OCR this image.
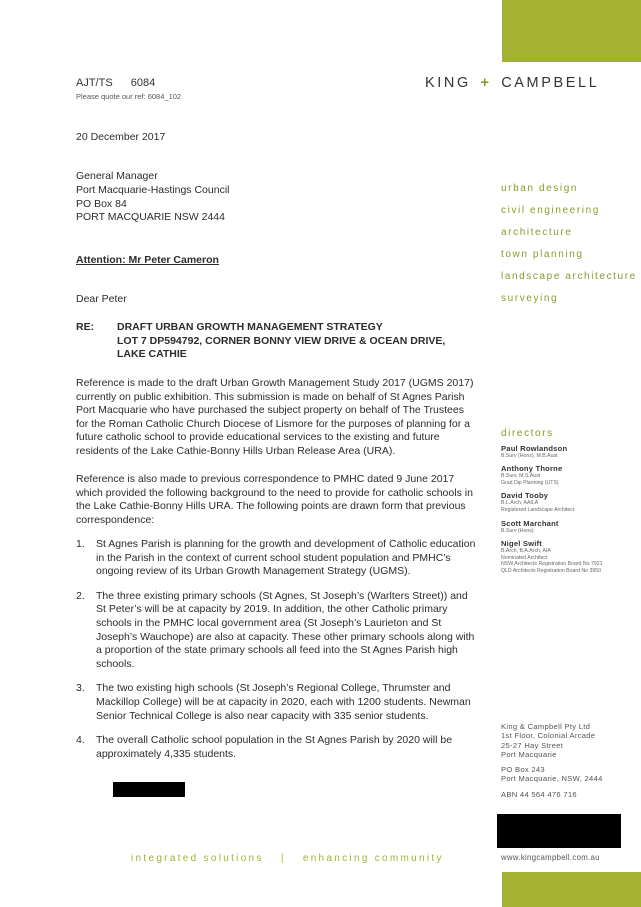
AJT/TS 6084
Please quote our ref: 6084_102
KING + CAMPBELL
20 December 2017
General Manager
Port Macquarie-Hastings Council
PO Box 84
PORT MACQUARIE NSW 2444
Attention: Mr Peter Cameron
Dear Peter
RE: DRAFT URBAN GROWTH MANAGEMENT STRATEGY
LOT 7 DP594792, CORNER BONNY VIEW DRIVE & OCEAN DRIVE, LAKE CATHIE
Reference is made to the draft Urban Growth Management Study 2017 (UGMS 2017) currently on public exhibition. This submission is made on behalf of St Agnes Parish Port Macquarie who have purchased the subject property on behalf of The Trustees for the Roman Catholic Church Diocese of Lismore for the purposes of planning for a future catholic school to provide educational services to the existing and future residents of the Lake Cathie-Bonny Hills Urban Release Area (URA).
Reference is also made to previous correspondence to PMHC dated 9 June 2017 which provided the following background to the need to provide for catholic schools in the Lake Cathie-Bonny Hills URA. The following points are drawn form that previous correspondence:
1. St Agnes Parish is planning for the growth and development of Catholic education in the Parish in the context of current school student population and PMHC’s ongoing review of its Urban Growth Management Strategy (UGMS).
2. The three existing primary schools (St Agnes, St Joseph’s (Warlters Street)) and St Peter’s will be at capacity by 2019. In addition, the other Catholic primary schools in the PMHC local government area (St Joseph’s Laurieton and St Joseph’s Wauchope) are also at capacity. These other primary schools along with a proportion of the state primary schools all feed into the St Agnes Parish high schools.
3. The two existing high schools (St Joseph’s Regional College, Thrumster and Mackillop College) will be at capacity in 2020, each with 1200 students. Newman Senior Technical College is also near capacity with 335 senior students.
4. The overall Catholic school population in the St Agnes Parish by 2020 will be approximately 4,335 students.
urban design
civil engineering
architecture
town planning
landscape architecture
surveying
directors
Paul Rowlandson
B.Surv (Hons), M.B.Aust
Anthony Thorne
B.Surv, M.S.Aust
Grad Dip Planning (UTS)
David Tooby
B.L.Arch, AAILA
Registered Landscape Architect
Scott Marchant
B.Surv (Hons)
Nigel Swift
B.Arch, B.A.Arch, AIA
Nominated Architect
NSW Architects Registration Board No 7921
QLD Architects Registration Board No 3950
King & Campbell Pty Ltd
1st Floor, Colonial Arcade
25-27 Hay Street
Port Macquarie
PO Box 243
Port Macquarie, NSW, 2444
ABN 44 564 476 716
www.kingcampbell.com.au
integrated solutions | enhancing community
